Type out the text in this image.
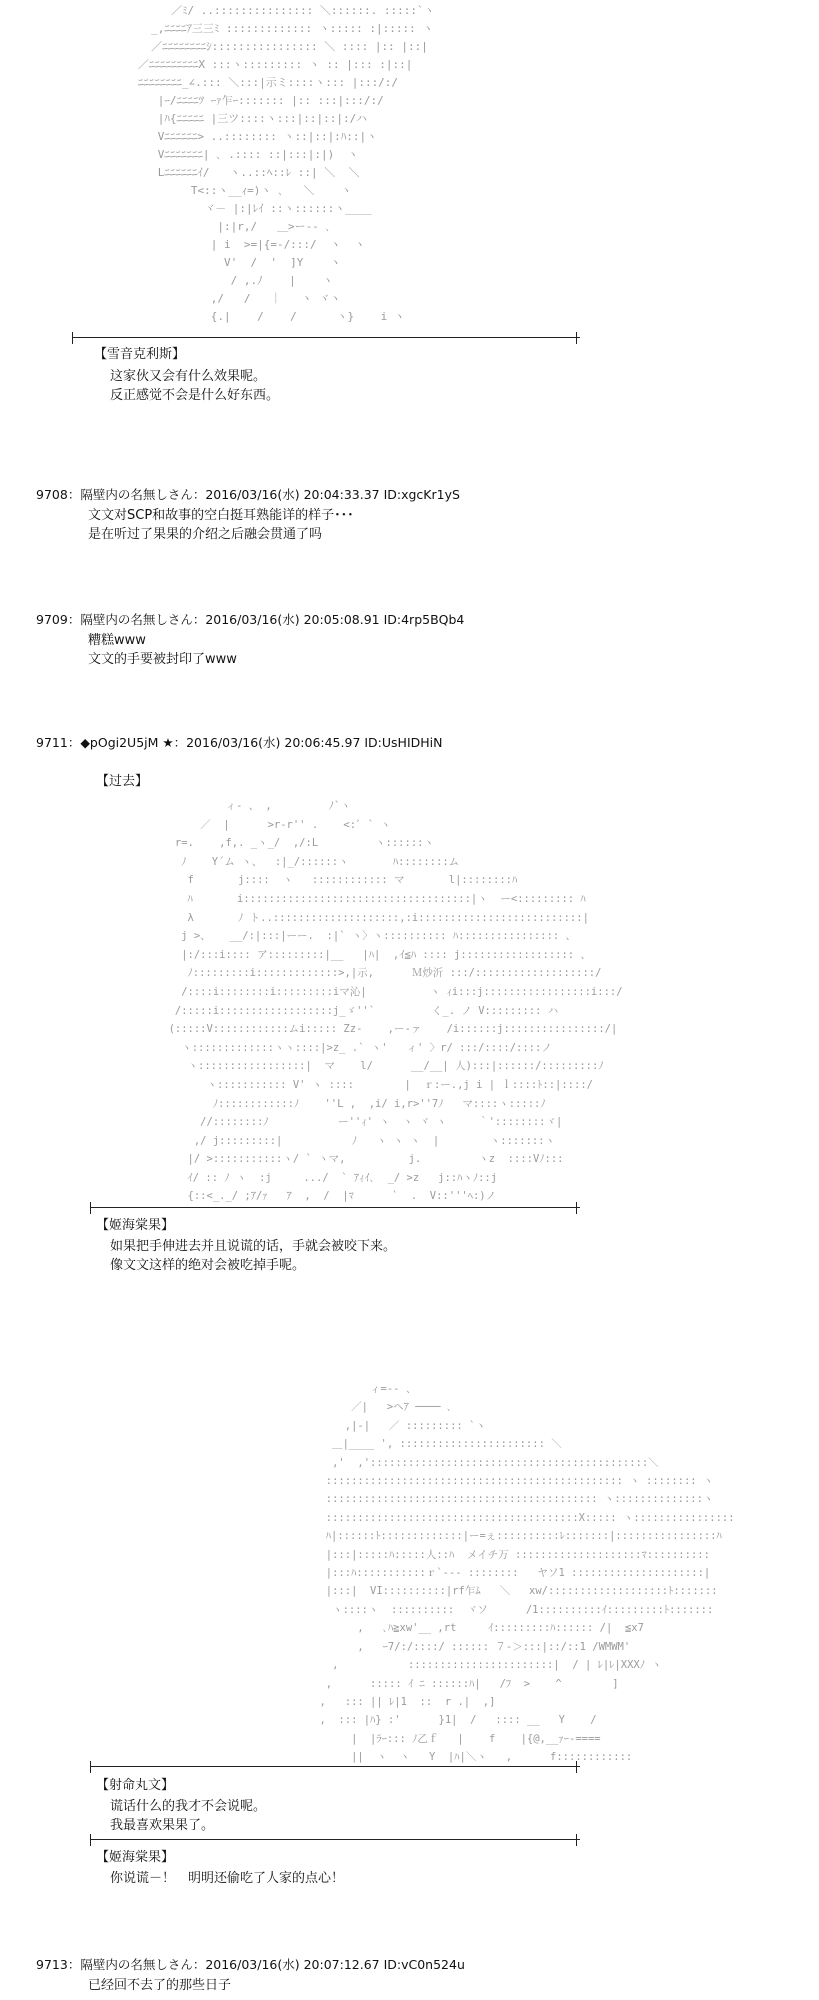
／ﾐ/ ..::::::::::::::: ＼::::::. :::::`ヽ
_,ﾆﾆﾆﾆｱ三三ﾐ ::::::::::::: ヽ::::: :|::::: ヽ
／ﾆﾆﾆﾆﾆﾆﾆﾆｼ:::::::::::::::: ＼ :::: |:: |::|
／ﾆﾆﾆﾆﾆﾆﾆﾆﾆX :::ヽ::::::::: ヽ :: |::: :|::|
ﾆﾆﾆﾆﾆﾆﾆﾆ_∠.::: ＼:::|示ミ::::ヽ::: |:::/:/
|ｰ/ﾆﾆﾆﾆﾂ ｰｧ乍ｰ::::::: |:: :::|:::/:/
|ﾊ{ﾆﾆﾆﾆﾆ |三ツ::::ヽ:::|::|::|:/ハ
Vﾆﾆﾆﾆﾆﾆ> ..:::::::: ヽ::|::|:ﾊ::|ヽ
Vﾆﾆﾆﾆﾆﾆﾆ| ､ .:::: ::|:::|:|)  ヽ
Lﾆﾆﾆﾆﾆﾆｲ/   ヽ..::ﾍ::ﾚ ::| ＼  ＼
T<::ヽ__ｨ=)ヽ ､   ＼    ヽ
ヾ－ |:|ﾚｲ ::ヽ::::::ヽ____
|:|r,/   ＿>ー-- ､
| i  >=|{=-/:::/  ヽ  ヽ
V'  /  '  ]Y    ヽ
/ ,.ﾉ    |    ヽ
,/   /   ｜   ヽ ヾヽ
{.|    /    /      ヽ}    i ヽ
【雪音克利斯】
这家伙又会有什么效果呢。
反正感觉不会是什么好东西。
9708：隔壁内の名無しさん：2016/03/16(水) 20:04:33.37 ID:xgcKr1yS
文文对SCP和故事的空白挺耳熟能详的样子･･･
是在听过了果果的介绍之后融会贯通了吗
9709：隔壁内の名無しさん：2016/03/16(水) 20:05:08.91 ID:4rp5BQb4
糟糕www
文文的手要被封印了www
9711：◆pOgi2U5jM ★：2016/03/16(水) 20:06:45.97 ID:UsHIDHiN
【过去】
ィ- 、 ,         ﾉ`ヽ
／  |      >r-r'' .    <:ﾞ ` ヽ
r=.    ,f,. _ヽ_/  ,/:L         ヽ::::::ヽ
ﾉ    Y´ム ヽ、  :|_/::::::ヽ       ﾊ::::::::ム
f       j::::  ヽ   :::::::::::: マ       l|::::::::ﾊ
ﾊ       i::::::::::::::::::::::::::::::::::::|ヽ  ー<::::::::: ﾊ
λ       ﾉ ト..::::::::::::::::::::,:i::::::::::::::::::::::::::|
j >、   __/:|:::|ーー.  :|` ヽ〉ヽ:::::::::: ﾊ:::::::::::::::: 、
|:/:::i:::: ア:::::::::|__   |ﾊ|  ,ｲ≦ﾊ :::: j:::::::::::::::::: 、
ﾉ:::::::::i:::::::::::::>,|示,      Ｍ炒沂 :::/:::::::::::::::::::/
/::::i::::::::i:::::::::iマ沁|          ヽ ｨi:::j:::::::::::::::::i:::/
/:::::i::::::::::::::::::j_ゞ''`         く_. ノ V::::::::: ハ
(:::::V::::::::::::ムi::::: Zz-    ,ー-ァ    /i::::::j::::::::::::::::/|
ヽ:::::::::::::ヽヽ::::|>z_ .` ヽ'   ィ' 〉r/ :::/::::/::::ノ
ヽ:::::::::::::::::|  マ    l/      __/__| 人):::|::::::/:::::::::ﾉ
ヽ::::::::::: V' ヽ ::::        |  ｒ:ー.,j i | ｌ::::ﾄ::|::::/
ﾉ::::::::::::ﾉ    ''L ,  ,i/ i,r>''7ﾉ   マ::::ヽ:::::ﾉ
//::::::::ﾉ           ー''ｨ' ヽ  ヽ ヾ ヽ     ｀'::::::::ヾ|
,/ j:::::::::|           ﾉ   ヽ ヽ ヽ  |        ヽ:::::::ヽ
|/ >:::::::::::ヽ/ ` ヽマ,          j.         ヽz  ::::Vﾉ:::
ｲ/ :: ﾉ ヽ  :j     .../  ` ｱｨｲ､  _/ >z   j::ﾊヽﾉ::j
{::<_._/ ;ｱ/ｧ   ｱ  ,  /  |ﾏ      `  .  V::'''ﾍ:)ノ
【姬海棠果】
如果把手伸进去并且说谎的话，手就会被咬下来。
像文文这样的绝对会被吃掉手呢。
ィ=-- 、
／|   >ヘｱ ──── ､
,|-|   ／ ::::::::: `ヽ
＿|____ ', ::::::::::::::::::::::: ＼
,'  ,'::::::::::::::::::::::::::::::::::::::::::::＼
::::::::::::::::::::::::::::::::::::::::::::::: ヽ :::::::: ヽ
::::::::::::::::::::::::::::::::::::::::::: ヽ::::::::::::::ヽ
::::::::::::::::::::::::::::::::::::::::X::::: ヽ::::::::::::::::
ﾊ|::::::ﾄ:::::::::::::|ー=ぇ::::::::::ﾚ:::::::|::::::::::::::::ﾊ
|:::|:::::ﾊ:::::人::ﾊ  メイチ万 ::::::::::::::::::::ﾏ::::::::::
|:::ﾊ:::::::::::ｒ`--- ::::::::   ヤソ1 :::::::::::::::::::::|
|:::|  VI::::::::::|rf乍ﾑ   ＼   xw/:::::::::::::::::::ﾄ:::::::
ヽ::::ヽ  ::::::::::  ヾソ      /1::::::::::ｲ:::::::::ﾄ:::::::
,   ､ﾊ≧xw'__ ,rt     ｲ:::::::::ﾊ:::::: /|  ≦x7
,   ｰ7/:/::::/ :::::: ７-＞:::|::/::1 /WMWM'
,           :::::::::::::::::::::::|  / | ﾚ|ﾚ|XXXﾉ ヽ
,      ::::: ｲ ﾆ ::::::ﾊ|   /ﾌ  >    ^        ]
,   ::: || ﾚ|1  ::  r .|  ,]
,  ::: |ﾊ} :'      }1|  /   :::: __   Y    /
|  |ﾗｰ::: ﾉ乙ｆ   |    f    |{@,__ｧｰ-====
||  ヽ  ヽ   Y  |ﾊ|＼ヽ   ,      f::::::::::::
【射命丸文】
谎话什么的我才不会说呢。
我最喜欢果果了。
【姬海棠果】
你说谎－！　明明还偷吃了人家的点心！
9713：隔壁内の名無しさん：2016/03/16(水) 20:07:12.67 ID:vC0n524u
已经回不去了的那些日子
